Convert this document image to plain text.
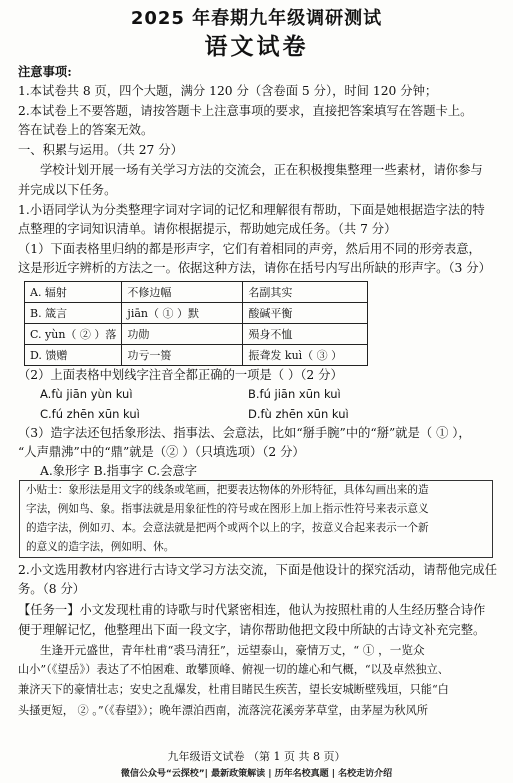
2025 年春期九年级调研测试
语文试卷
注意事项:
1.本试卷共 8 页，四个大题，满分 120 分（含卷面 5 分），时间 120 分钟；
2.本试卷上不要答题，请按答题卡上注意事项的要求，直接把答案填写在答题卡上。
答在试卷上的答案无效。
一、积累与运用。（共 27 分）
学校计划开展一场有关学习方法的交流会，正在积极搜集整理一些素材，请你参与
并完成以下任务。
1.小语同学认为分类整理字词对字词的记忆和理解很有帮助，下面是她根据造字法的特
点整理的字词知识清单。请你根据提示，帮助她完成任务。（共 7 分）
（1）下面表格里归纳的都是形声字，它们有着相同的声旁，然后用不同的形旁表意，
这是形近字辨析的方法之一。依据这种方法，请你在括号内写出所缺的形声字。（3 分）
A. 辐射	不修边幅	名副其实
B. 箴言	jiān（ ① ）默	酸碱平衡
C. yùn（ ② ）落	功勋	殒身不恤
D. 馈赠	功亏一篑	振聋发 kuì（ ③ ）
（2）上面表格中划线字注音全都正确的一项是（ ）（2 分）
A.fù jiān yùn kuì	B.fú jiān xūn kuì
C.fú zhēn xūn kuì	D.fù zhēn xūn kuì
（3）造字法还包括象形法、指事法、会意法，比如“掰手腕”中的“掰”就是（ ① ），
“人声鼎沸”中的“鼎”就是（② ）（只填选项）（2 分）
A.象形字 B.指事字 C.会意字
小贴士：象形法是用文字的线条或笔画，把要表达物体的外形特征，具体勾画出来的造
字法，例如鸟、象。指事法就是用象征性的符号或在图形上加上指示性符号来表示意义
的造字法，例如刃、本。会意法就是把两个或两个以上的字，按意义合起来表示一个新
的意义的造字法，例如明、休。
2.小文选用教材内容进行古诗文学习方法交流，下面是他设计的探究活动，请帮他完成任
务。（8 分）
【任务一】小文发现杜甫的诗歌与时代紧密相连，他认为按照杜甫的人生经历整合诗作
便于理解记忆，他整理出下面一段文字，请你帮助他把文段中所缺的古诗文补充完整。
生逢开元盛世，青年杜甫“裘马清狂”，远望泰山，豪情万丈，“ ① ，一览众
山小”（《望岳》）表达了不怕困难、敢攀顶峰、俯视一切的雄心和气概，“以及卓然独立、
兼济天下的豪情壮志；安史之乱爆发，杜甫目睹民生疾苦，望长安城断壁残垣，只能“白
头搔更短， ② 。”（《春望》）；晚年漂泊西南，流落浣花溪旁茅草堂，由茅屋为秋风所
九年级语文试卷 （第 1 页 共 8 页）
微信公众号“云探校”| 最新政策解读 | 历年名校真题 | 名校走访介绍
